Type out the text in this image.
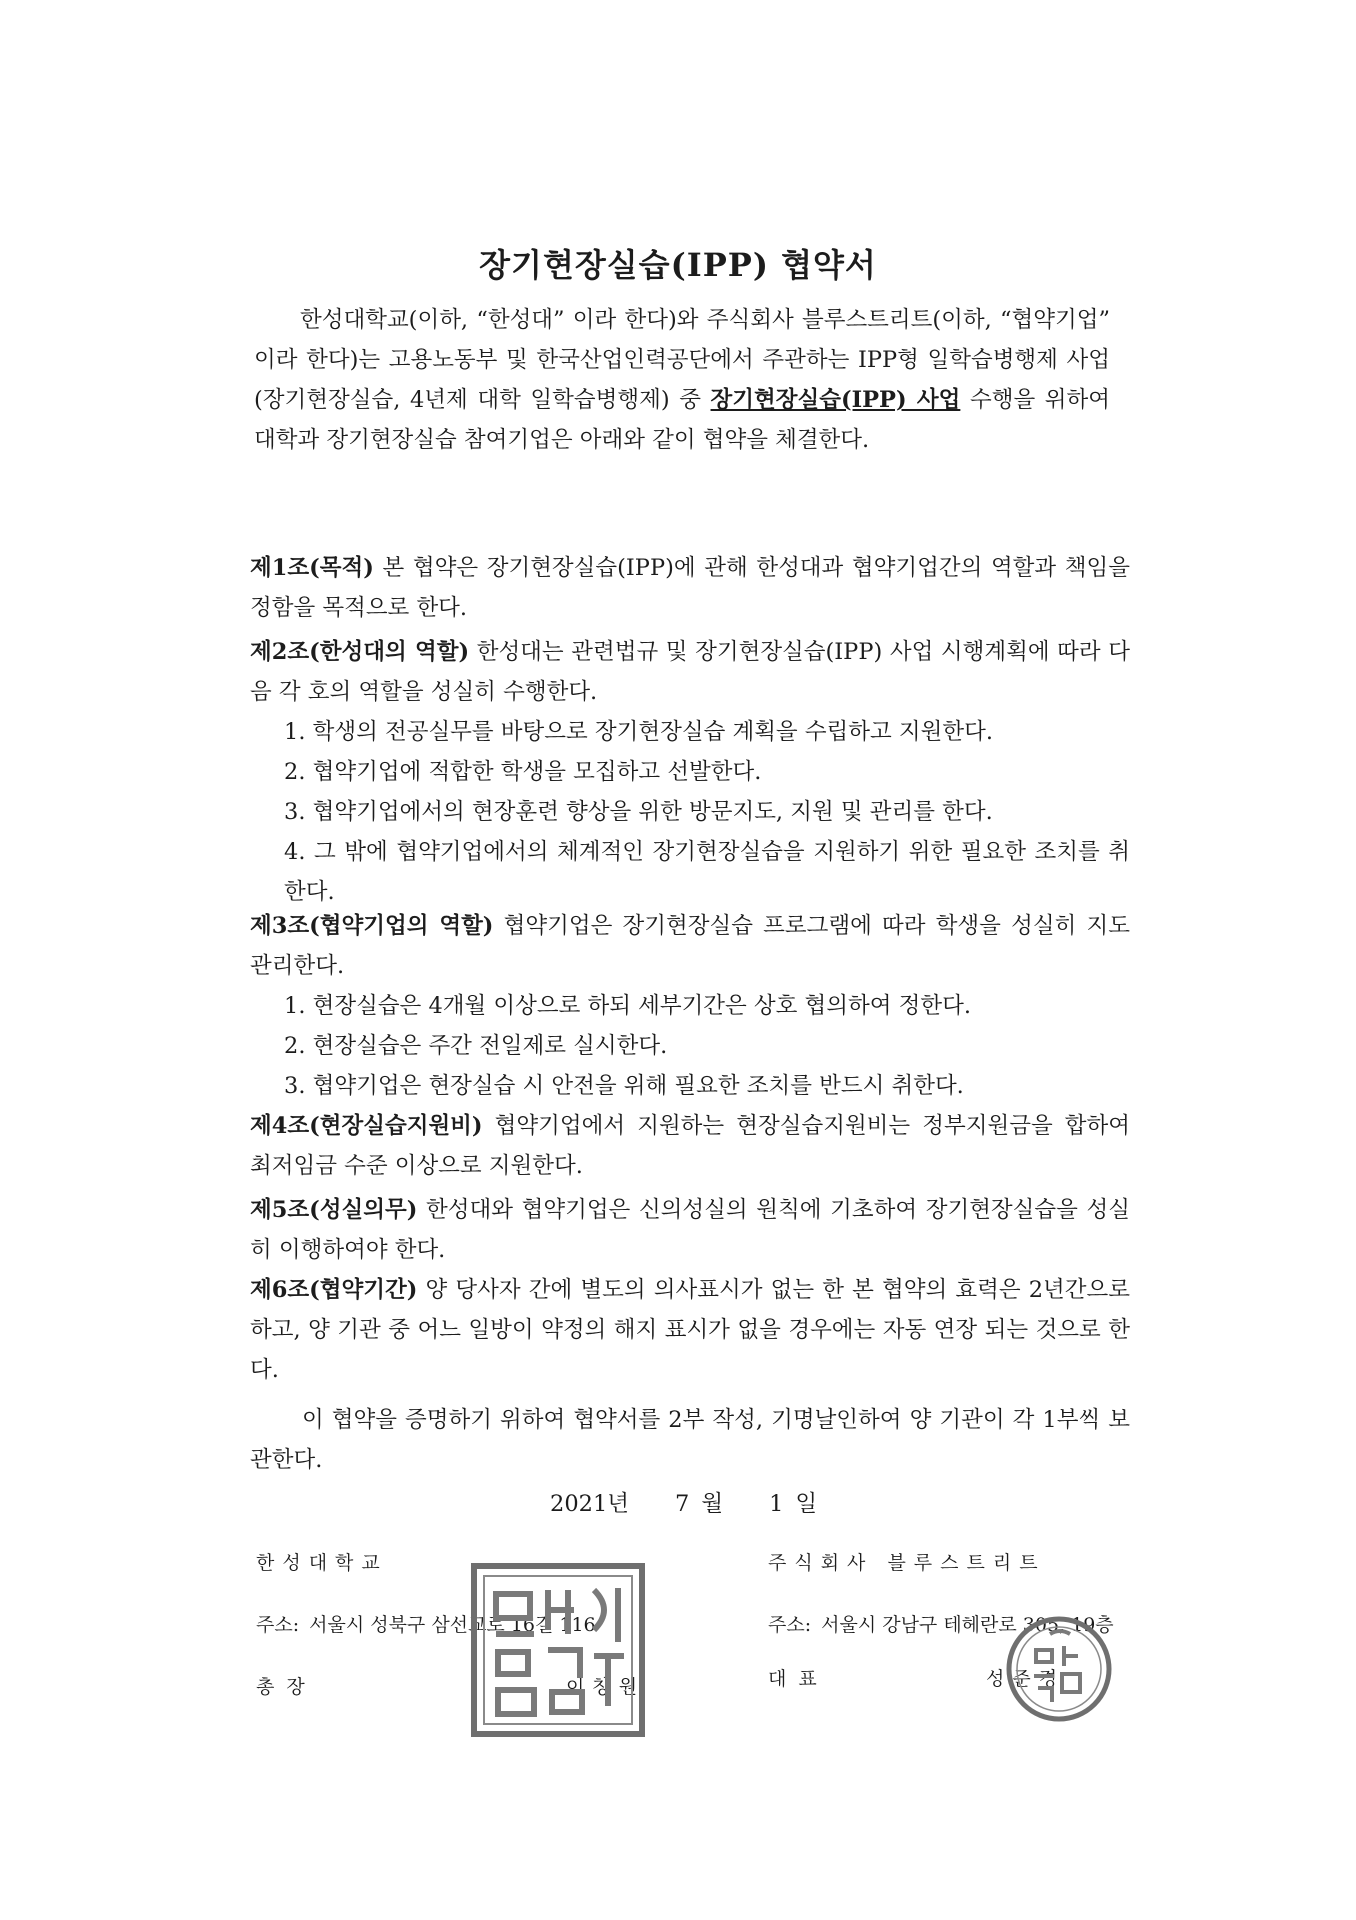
장기현장실습(IPP) 협약서
한성대학교(이하, “한성대” 이라 한다)와 주식회사 블루스트리트(이하, “협약기업” 이라 한다)는 고용노동부 및 한국산업인력공단에서 주관하는 IPP형 일학습병행제 사업(장기현장실습, 4년제 대학 일학습병행제) 중 장기현장실습(IPP) 사업 수행을 위하여 대학과 장기현장실습 참여기업은 아래와 같이 협약을 체결한다.
제1조(목적) 본 협약은 장기현장실습(IPP)에 관해 한성대과 협약기업간의 역할과 책임을 정함을 목적으로 한다.
제2조(한성대의 역할) 한성대는 관련법규 및 장기현장실습(IPP) 사업 시행계획에 따라 다음 각 호의 역할을 성실히 수행한다.
1. 학생의 전공실무를 바탕으로 장기현장실습 계획을 수립하고 지원한다.
2. 협약기업에 적합한 학생을 모집하고 선발한다.
3. 협약기업에서의 현장훈련 향상을 위한 방문지도, 지원 및 관리를 한다.
4. 그 밖에 협약기업에서의 체계적인 장기현장실습을 지원하기 위한 필요한 조치를 취한다.
제3조(협약기업의 역할) 협약기업은 장기현장실습 프로그램에 따라 학생을 성실히 지도 관리한다.
1. 현장실습은 4개월 이상으로 하되 세부기간은 상호 협의하여 정한다.
2. 현장실습은 주간 전일제로 실시한다.
3. 협약기업은 현장실습 시 안전을 위해 필요한 조치를 반드시 취한다.
제4조(현장실습지원비) 협약기업에서 지원하는 현장실습지원비는 정부지원금을 합하여 최저임금 수준 이상으로 지원한다.
제5조(성실의무) 한성대와 협약기업은 신의성실의 원칙에 기초하여 장기현장실습을 성실히 이행하여야 한다.
제6조(협약기간) 양 당사자 간에 별도의 의사표시가 없는 한 본 협약의 효력은 2년간으로 하고, 양 기관 중 어느 일방이 약정의 해지 표시가 없을 경우에는 자동 연장 되는 것으로 한다.
이 협약을 증명하기 위하여 협약서를 2부 작성, 기명날인하여 양 기관이 각 1부씩 보관한다.
2021년 7 월 1 일
한성대학교
주소: 서울시 성북구 삼선교로 16길 116
총장	이창원
주식회사 블루스트리트
주소: 서울시 강남구 테헤란로 305, 19층
대표	성준경
